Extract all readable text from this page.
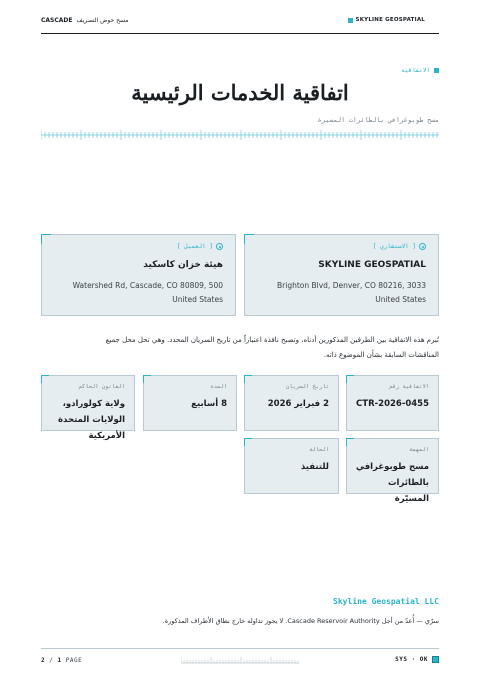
CASCADE مسح حوض التصريف	SKYLINE GEOSPATIAL
الاتفاقية
اتفاقية الخدمات الرئيسية
مسح طوبوغرافي بالطائرات المسيرة
[ الاستشاري ]
SKYLINE GEOSPATIAL
Brighton Blvd, Denver, CO 80216, 3033
United States
[ العميل ]
هيئة خزان كاسكيد
Watershed Rd, Cascade, CO 80809, 500
United States
تُبرم هذه الاتفاقية بين الطرفين المذكورين أدناه، وتصبح نافذة اعتباراً من تاريخ السريان المحدد. وهي تحل محل جميع المناقشات السابقة بشأن الموضوع ذاته.
الاتفاقية رقم
CTR-2026-0455
تاريخ السريان
2 فبراير 2026
المدة
8 أسابيع
القانون الحاكم
ولاية كولورادو، الولايات المتحدة الأمريكية
المهمة
مسح طوبوغرافي بالطائرات المسيّرة
الحالة
للتنفيذ
Skyline Geospatial LLC
سرّي — أُعدّ من أجل Cascade Reservoir Authority. لا يجوز تداوله خارج نطاق الأطراف المذكورة.
2 / 1 PAGE	SYS · OK
